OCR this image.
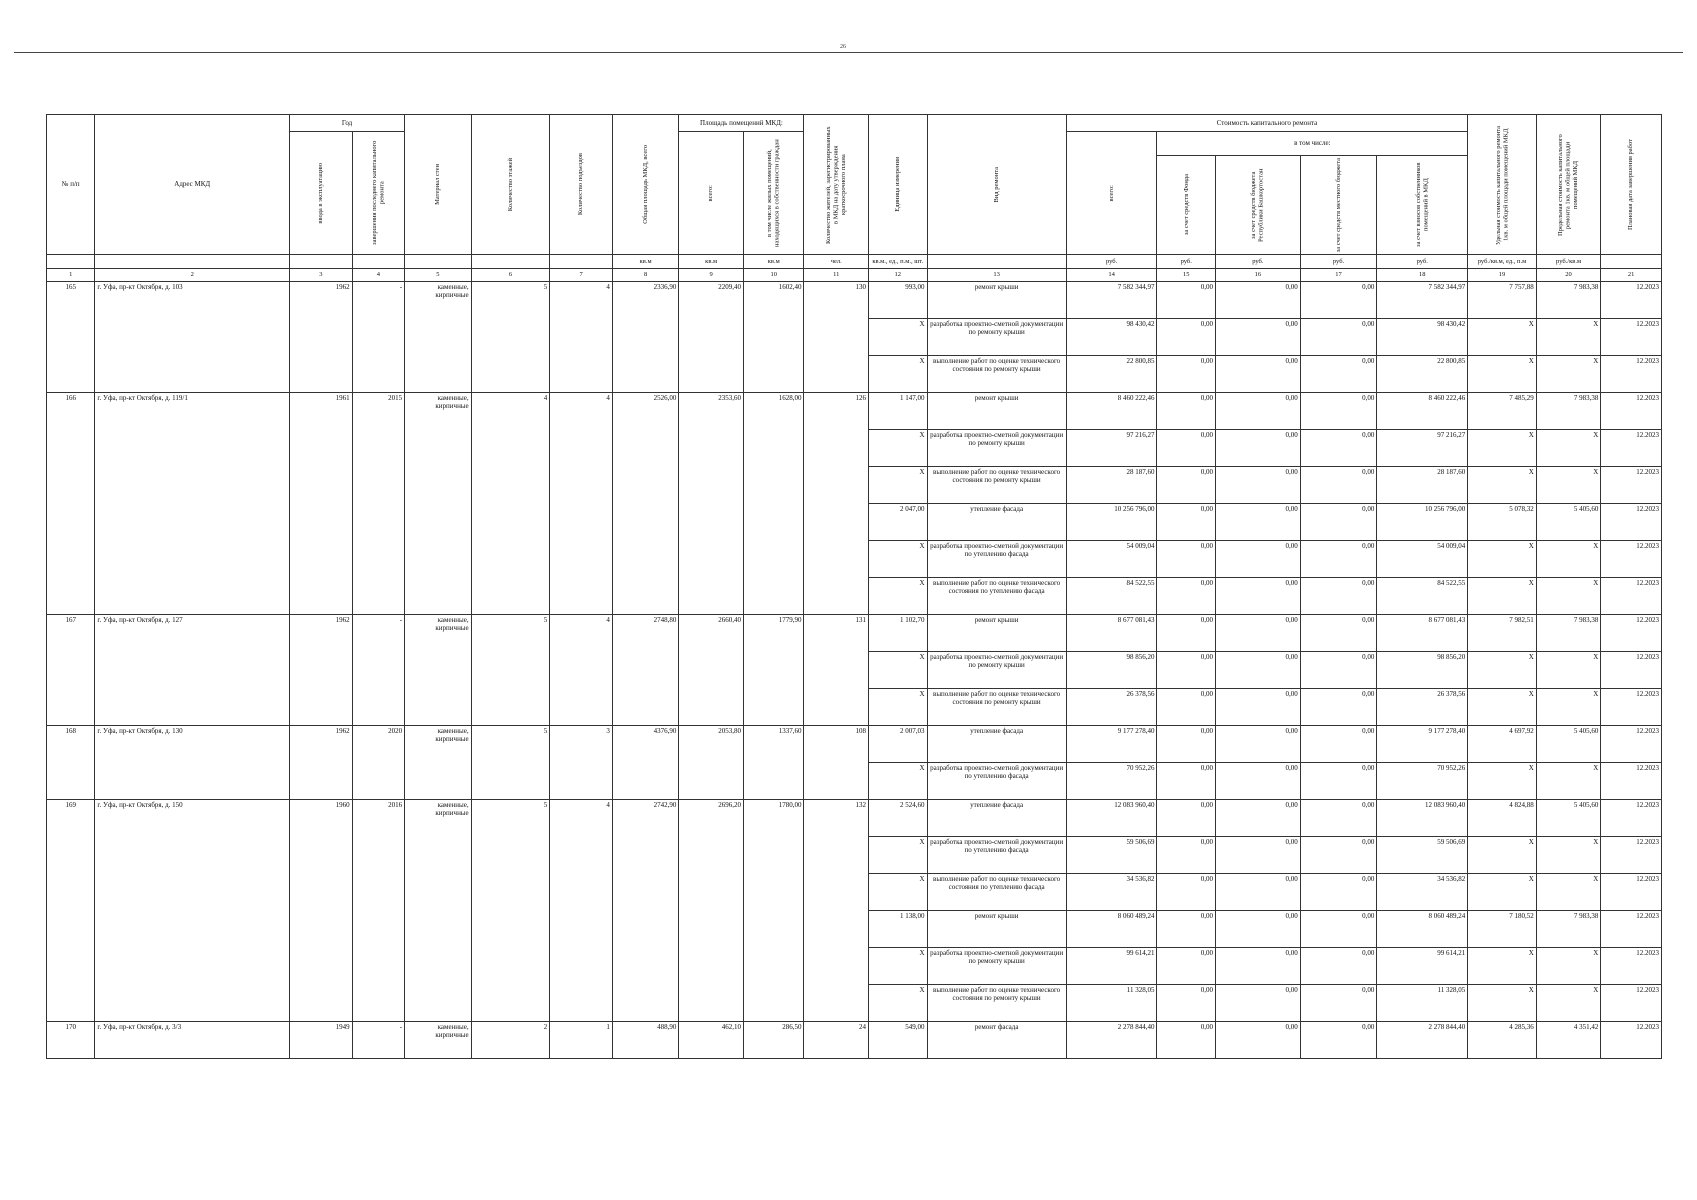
26
№ п/п	Адрес МКД	Год		Материал стен	Количество этажей	Количество подъездов	Общая площадь МКД, всего	Площадь помещений МКД:		Количество жителей, зарегистрированных в МКД на дату утверждения краткосрочного плана	Единица измерения	Вид ремонта	Стоимость капитального ремонта					Удельная стоимость капитального ремонта 1кв. м общей площади помещений МКД	Предельная стоимость капитального ремонта 1кв. м общей площади помещений МКД	Плановая дата завершения работ

		ввода в эксплуатацию	завершения последнего капитального ремонта					всего:	в том числе жилых помещений, находящихся в собственности граждан				всего:	в том числе:						

														за счет средств Фонда	за счет средств бюджета Республики Башкортостан	за счет средств местного бюджета	за счет взносов собственников помещений в МКД			

							кв.м	кв.м	кв.м	чел.	кв.м., ед., п.м., шт.		руб.	руб.	руб.	руб.	руб.	руб./кв.м, ед., п.м	руб./кв.м	
1	2	3	4	5	6	7	8	9	10	11	12	13	14	15	16	17	18	19	20	21
165	г. Уфа, пр-кт Октября, д. 103	1962	-	каменные, кирпичные	5	4	2336,90	2209,40	1602,40	130	993,00	ремонт крыши	7 582 344,97	0,00	0,00	0,00	7 582 344,97	7 757,88	7 983,38	12.2023
											X	разработка проектно-сметной документации по ремонту крыши	98 430,42	0,00	0,00	0,00	98 430,42	X	X	12.2023
											X	выполнение работ по оценке технического состояния по ремонту крыши	22 800,85	0,00	0,00	0,00	22 800,85	X	X	12.2023
166	г. Уфа, пр-кт Октября, д. 119/1	1961	2015	каменные, кирпичные	4	4	2526,00	2353,60	1628,00	126	1 147,00	ремонт крыши	8 460 222,46	0,00	0,00	0,00	8 460 222,46	7 485,29	7 983,38	12.2023
											X	разработка проектно-сметной документации по ремонту крыши	97 216,27	0,00	0,00	0,00	97 216,27	X	X	12.2023
											X	выполнение работ по оценке технического состояния по ремонту крыши	28 187,60	0,00	0,00	0,00	28 187,60	X	X	12.2023
											2 047,00	утепление фасада	10 256 796,00	0,00	0,00	0,00	10 256 796,00	5 078,32	5 405,60	12.2023
											X	разработка проектно-сметной документации по утеплению фасада	54 009,04	0,00	0,00	0,00	54 009,04	X	X	12.2023
											X	выполнение работ по оценке технического состояния по утеплению фасада	84 522,55	0,00	0,00	0,00	84 522,55	X	X	12.2023
167	г. Уфа, пр-кт Октября, д. 127	1962	-	каменные, кирпичные	5	4	2748,80	2660,40	1779,90	131	1 102,70	ремонт крыши	8 677 081,43	0,00	0,00	0,00	8 677 081,43	7 982,51	7 983,38	12.2023
											X	разработка проектно-сметной документации по ремонту крыши	98 856,20	0,00	0,00	0,00	98 856,20	X	X	12.2023
											X	выполнение работ по оценке технического состояния по ремонту крыши	26 378,56	0,00	0,00	0,00	26 378,56	X	X	12.2023
168	г. Уфа, пр-кт Октября, д. 130	1962	2020	каменные, кирпичные	5	3	4376,90	2053,80	1337,60	108	2 007,03	утепление фасада	9 177 278,40	0,00	0,00	0,00	9 177 278,40	4 697,92	5 405,60	12.2023
											X	разработка проектно-сметной документации по утеплению фасада	70 952,26	0,00	0,00	0,00	70 952,26	X	X	12.2023
169	г. Уфа, пр-кт Октября, д. 150	1960	2016	каменные, кирпичные	5	4	2742,90	2696,20	1780,00	132	2 524,60	утепление фасада	12 083 960,40	0,00	0,00	0,00	12 083 960,40	4 824,88	5 405,60	12.2023
											X	разработка проектно-сметной документации по утеплению фасада	59 506,69	0,00	0,00	0,00	59 506,69	X	X	12.2023
											X	выполнение работ по оценке технического состояния по утеплению фасада	34 536,82	0,00	0,00	0,00	34 536,82	X	X	12.2023
											1 138,00	ремонт крыши	8 060 489,24	0,00	0,00	0,00	8 060 489,24	7 180,52	7 983,38	12.2023
											X	разработка проектно-сметной документации по ремонту крыши	99 614,21	0,00	0,00	0,00	99 614,21	X	X	12.2023
											X	выполнение работ по оценке технического состояния по ремонту крыши	11 328,05	0,00	0,00	0,00	11 328,05	X	X	12.2023
170	г. Уфа, пр-кт Октября, д. 3/3	1949	-	каменные, кирпичные	2	1	488,90	462,10	286,50	24	549,00	ремонт фасада	2 278 844,40	0,00	0,00	0,00	2 278 844,40	4 285,36	4 351,42	12.2023
